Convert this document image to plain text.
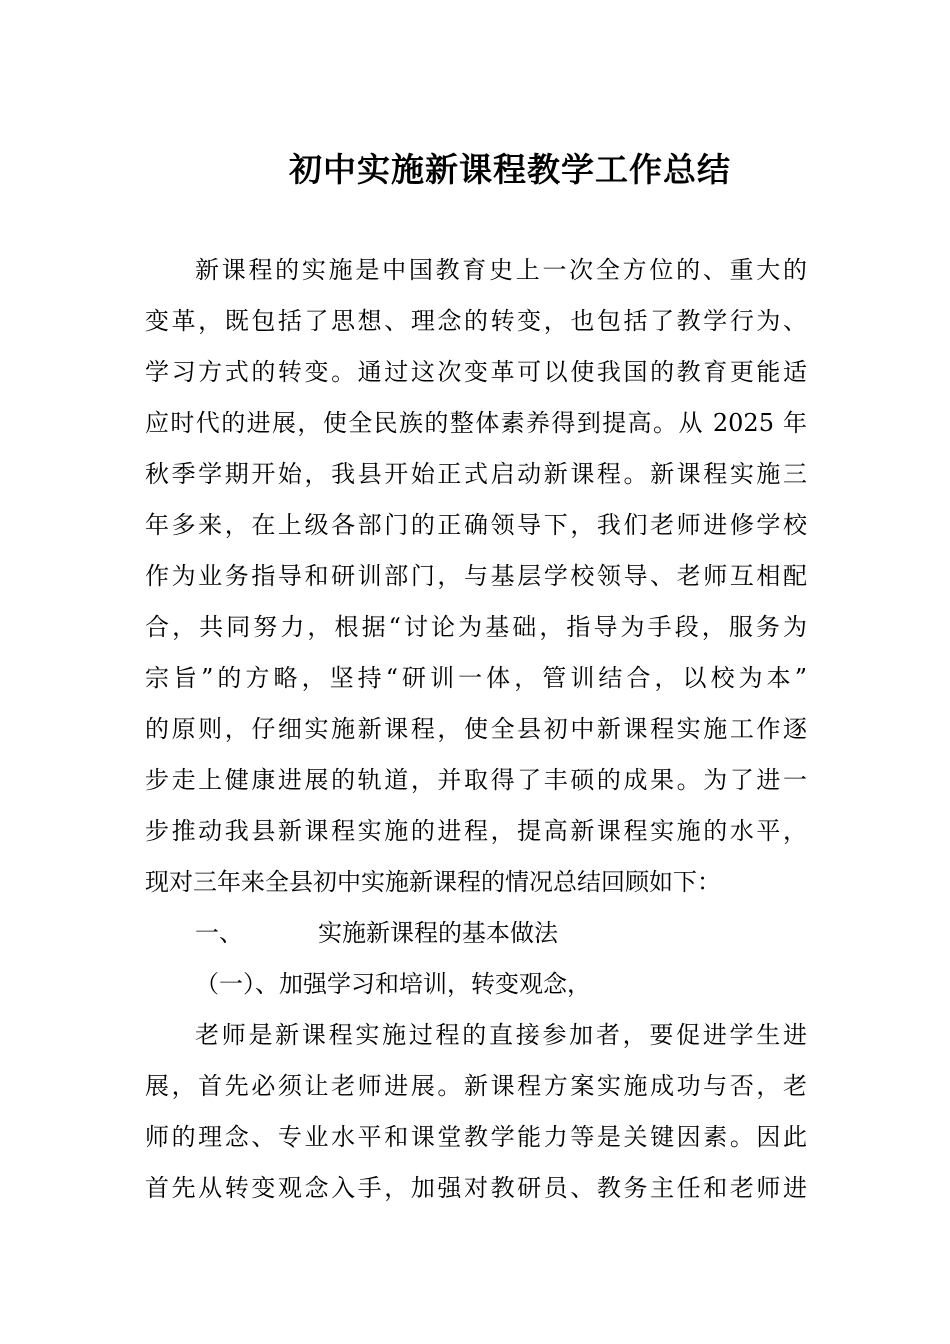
初中实施新课程教学工作总结
新课程的实施是中国教育史上一次全方位的、重大的
变革，既包括了思想、理念的转变，也包括了教学行为、
学习方式的转变。通过这次变革可以使我国的教育更能适
应时代的进展，使全民族的整体素养得到提高。从 2025 年
秋季学期开始，我县开始正式启动新课程。新课程实施三
年多来，在上级各部门的正确领导下，我们老师进修学校
作为业务指导和研训部门，与基层学校领导、老师互相配
合，共同努力，根据“讨论为基础，指导为手段，服务为
宗旨”的方略，坚持“研训一体，管训结合，以校为本”
的原则，仔细实施新课程，使全县初中新课程实施工作逐
步走上健康进展的轨道，并取得了丰硕的成果。为了进一
步推动我县新课程实施的进程，提高新课程实施的水平，
现对三年来全县初中实施新课程的情况总结回顾如下：
一、	实施新课程的基本做法
（一）、加强学习和培训，转变观念，
老师是新课程实施过程的直接参加者，要促进学生进
展，首先必须让老师进展。新课程方案实施成功与否，老
师的理念、专业水平和课堂教学能力等是关键因素。因此
首先从转变观念入手，加强对教研员、教务主任和老师进
